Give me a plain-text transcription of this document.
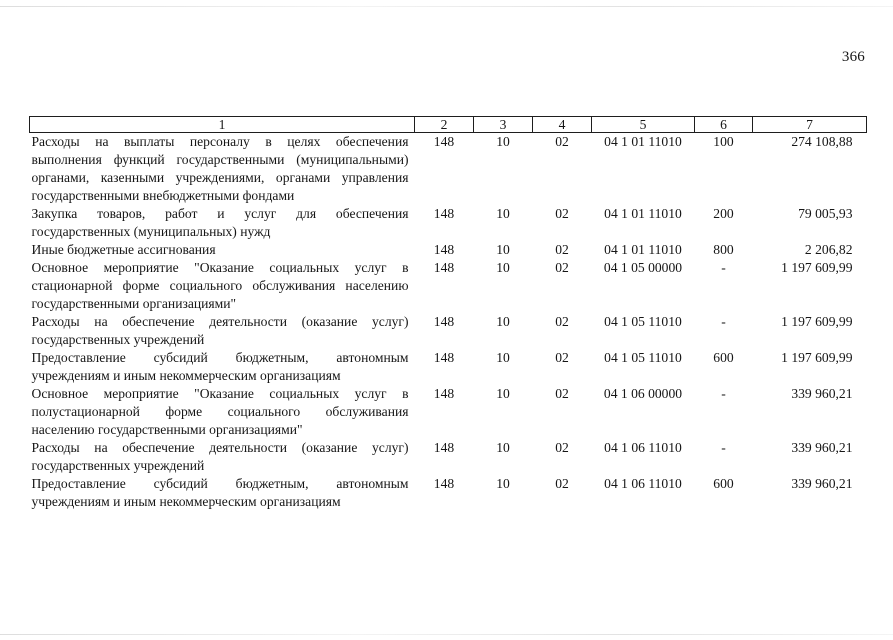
366
1	2	3	4	5	6	7
Расходы на выплаты персоналу в целях обеспечения выполнения функций государственными (муниципальными) органами, казенными учреждениями, органами управления государственными внебюджетными фондами	148	10	02	04 1 01 11010	100	274 108,88
Закупка товаров, работ и услуг для обеспечения государственных (муниципальных) нужд	148	10	02	04 1 01 11010	200	79 005,93
Иные бюджетные ассигнования	148	10	02	04 1 01 11010	800	2 206,82
Основное мероприятие "Оказание социальных услуг в стационарной форме социального обслуживания населению государственными организациями"	148	10	02	04 1 05 00000	-	1 197 609,99
Расходы на обеспечение деятельности (оказание услуг) государственных учреждений	148	10	02	04 1 05 11010	-	1 197 609,99
Предоставление субсидий бюджетным, автономным учреждениям и иным некоммерческим организациям	148	10	02	04 1 05 11010	600	1 197 609,99
Основное мероприятие "Оказание социальных услуг в полустационарной форме социального обслуживания населению государственными организациями"	148	10	02	04 1 06 00000	-	339 960,21
Расходы на обеспечение деятельности (оказание услуг) государственных учреждений	148	10	02	04 1 06 11010	-	339 960,21
Предоставление субсидий бюджетным, автономным учреждениям и иным некоммерческим организациям	148	10	02	04 1 06 11010	600	339 960,21
